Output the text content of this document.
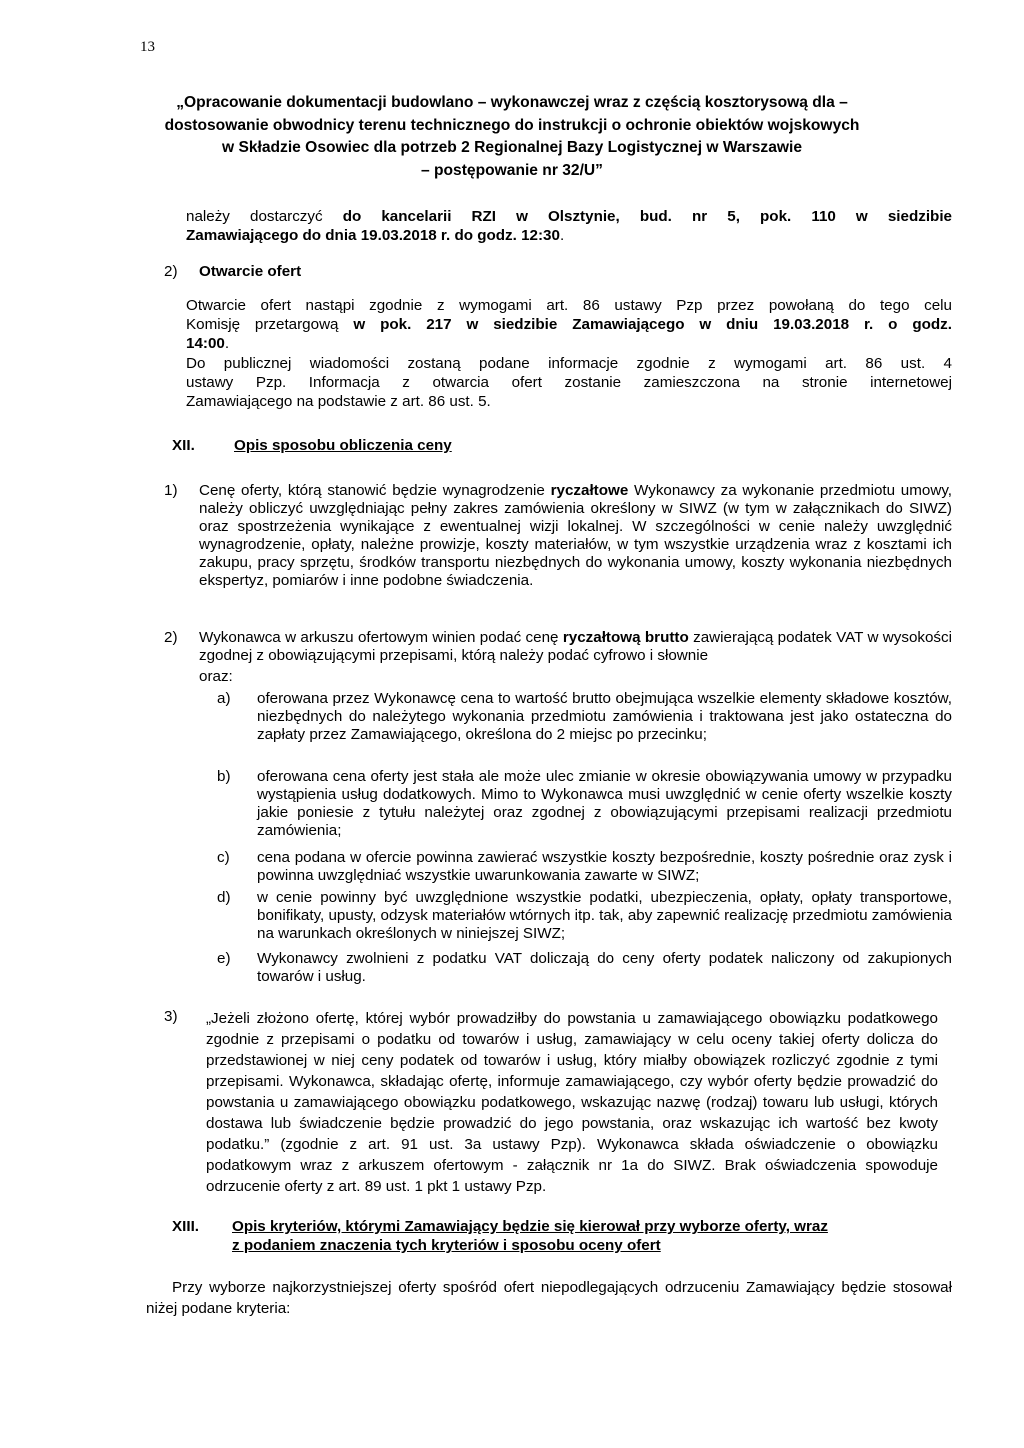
13
„Opracowanie dokumentacji budowlano – wykonawczej wraz z częścią kosztorysową dla –
dostosowanie obwodnicy terenu technicznego do instrukcji o ochronie obiektów wojskowych
w Składzie Osowiec dla potrzeb 2 Regionalnej Bazy Logistycznej w Warszawie
– postępowanie nr 32/U”
należy dostarczyć do kancelarii RZI w Olsztynie, bud. nr 5, pok. 110 w siedzibie
Zamawiającego do dnia 19.03.2018 r. do godz. 12:30.
2) Otwarcie ofert
Otwarcie ofert nastąpi zgodnie z wymogami art. 86 ustawy Pzp przez powołaną do tego celu
Komisję przetargową w pok. 217 w siedzibie Zamawiającego w dniu 19.03.2018 r. o godz.
14:00.
Do publicznej wiadomości zostaną podane informacje zgodnie z wymogami art. 86 ust. 4
ustawy Pzp. Informacja z otwarcia ofert zostanie zamieszczona na stronie internetowej
Zamawiającego na podstawie z art. 86 ust. 5.
XII.	Opis sposobu obliczenia ceny
1) Cenę oferty, którą stanowić będzie wynagrodzenie ryczałtowe Wykonawcy za wykonanie przedmiotu umowy, należy obliczyć uwzględniając pełny zakres zamówienia określony w SIWZ (w tym w załącznikach do SIWZ) oraz spostrzeżenia wynikające z ewentualnej wizji lokalnej. W szczególności w cenie należy uwzględnić wynagrodzenie, opłaty, należne prowizje, koszty materiałów, w tym wszystkie urządzenia wraz z kosztami ich zakupu, pracy sprzętu, środków transportu niezbędnych do wykonania umowy, koszty wykonania niezbędnych ekspertyz, pomiarów i inne podobne świadczenia.
2) Wykonawca w arkuszu ofertowym winien podać cenę ryczałtową brutto zawierającą podatek VAT w wysokości zgodnej z obowiązującymi przepisami, którą należy podać cyfrowo i słownie
oraz:
a) oferowana przez Wykonawcę cena to wartość brutto obejmująca wszelkie elementy składowe kosztów, niezbędnych do należytego wykonania przedmiotu zamówienia i traktowana jest jako ostateczna do zapłaty przez Zamawiającego, określona do 2 miejsc po przecinku;
b) oferowana cena oferty jest stała ale może ulec zmianie w okresie obowiązywania umowy w przypadku wystąpienia usług dodatkowych. Mimo to Wykonawca musi uwzględnić w cenie oferty wszelkie koszty jakie poniesie z tytułu należytej oraz zgodnej z obowiązującymi przepisami realizacji przedmiotu zamówienia;
c) cena podana w ofercie powinna zawierać wszystkie koszty bezpośrednie, koszty pośrednie oraz zysk i powinna uwzględniać wszystkie uwarunkowania zawarte w SIWZ;
d) w cenie powinny być uwzględnione wszystkie podatki, ubezpieczenia, opłaty, opłaty transportowe, bonifikaty, upusty, odzysk materiałów wtórnych itp. tak, aby zapewnić realizację przedmiotu zamówienia na warunkach określonych w niniejszej SIWZ;
e) Wykonawcy zwolnieni z podatku VAT doliczają do ceny oferty podatek naliczony od zakupionych towarów i usług.
3) „Jeżeli złożono ofertę, której wybór prowadziłby do powstania u zamawiającego obowiązku podatkowego zgodnie z przepisami o podatku od towarów i usług, zamawiający w celu oceny takiej oferty dolicza do przedstawionej w niej ceny podatek od towarów i usług, który miałby obowiązek rozliczyć zgodnie z tymi przepisami. Wykonawca, składając ofertę, informuje zamawiającego, czy wybór oferty będzie prowadzić do powstania u zamawiającego obowiązku podatkowego, wskazując nazwę (rodzaj) towaru lub usługi, których dostawa lub świadczenie będzie prowadzić do jego powstania, oraz wskazując ich wartość bez kwoty podatku.” (zgodnie z art. 91 ust. 3a ustawy Pzp). Wykonawca składa oświadczenie o obowiązku podatkowym wraz z arkuszem ofertowym - załącznik nr 1a do SIWZ. Brak oświadczenia spowoduje odrzucenie oferty z art. 89 ust. 1 pkt 1 ustawy Pzp.
XIII. Opis kryteriów, którymi Zamawiający będzie się kierował przy wyborze oferty, wraz
z podaniem znaczenia tych kryteriów i sposobu oceny ofert
Przy wyborze najkorzystniejszej oferty spośród ofert niepodlegających odrzuceniu Zamawiający będzie stosował niżej podane kryteria:
